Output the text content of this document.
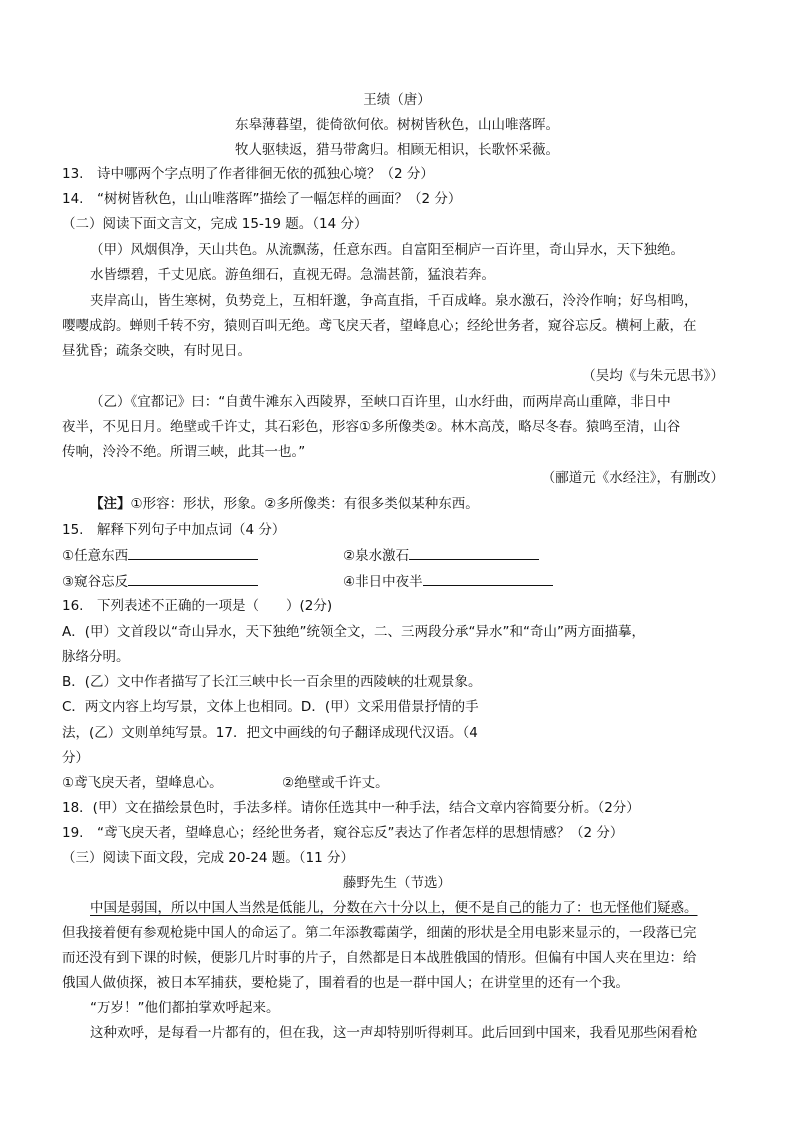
王绩（唐）
东皋薄暮望，徙倚欲何依。树树皆秋色，山山唯落晖。
牧人驱犊返，猎马带禽归。相顾无相识，长歌怀采薇。
13.　诗中哪两个字点明了作者徘徊无依的孤独心境？（2 分）
14.　“树树皆秋色，山山唯落晖”描绘了一幅怎样的画面？（2 分）
（二）阅读下面文言文，完成 15-19 题。（14 分）
（甲）风烟俱净，天山共色。从流飘荡，任意东西。自富阳至桐庐一百许里，奇山异水，天下独绝。
水皆缥碧，千丈见底。游鱼细石，直视无碍。急湍甚箭，猛浪若奔。
夹岸高山，皆生寒树，负势竞上，互相轩邈，争高直指，千百成峰。泉水激石，泠泠作响；好鸟相鸣，
嘤嘤成韵。蝉则千转不穷，猿则百叫无绝。鸢飞戾天者，望峰息心；经纶世务者，窥谷忘反。横柯上蔽，在
昼犹昏；疏条交映，有时见日。
（吴均《与朱元思书》）
（乙）《宜都记》曰：“自黄牛滩东入西陵界，至峡口百许里，山水纡曲，而两岸高山重障，非日中
夜半，不见日月。绝壁或千许丈，其石彩色，形容①多所像类②。林木高茂，略尽冬春。猿鸣至清，山谷
传响，泠泠不绝。所谓三峡，此其一也。”
（郦道元《水经注》，有删改）
【注】①形容：形状，形象。②多所像类：有很多类似某种东西。
15.　解释下列句子中加点词（4 分）
①任意东西	②泉水激石
③窥谷忘反	④非日中夜半
16.　下列表述不正确的一项是（　　）(2分)
A．(甲）文首段以“奇山异水，天下独绝”统领全文，二、三两段分承“异水”和“奇山”两方面描摹，
脉络分明。
B．(乙）文中作者描写了长江三峡中长一百余里的西陵峡的壮观景象。
C．两文内容上均写景，文体上也相同。D．(甲）文采用借景抒情的手
法，(乙）文则单纯写景。17．把文中画线的句子翻译成现代汉语。（4
分）
①鸢飞戾天者，望峰息心。	②绝壁或千许丈。
18．(甲）文在描绘景色时，手法多样。请你任选其中一种手法，结合文章内容简要分析。（2分）
19.　“鸢飞戾天者，望峰息心；经纶世务者，窥谷忘反”表达了作者怎样的思想情感？（2 分）
（三）阅读下面文段，完成 20-24 题。（11 分）
藤野先生（节选）
中国是弱国，所以中国人当然是低能儿，分数在六十分以上，便不是自己的能力了：也无怪他们疑惑。
但我接着便有参观枪毙中国人的命运了。第二年添教霉菌学，细菌的形状是全用电影来显示的，一段落已完
而还没有到下课的时候，便影几片时事的片子，自然都是日本战胜俄国的情形。但偏有中国人夹在里边：给
俄国人做侦探，被日本军捕获，要枪毙了，围着看的也是一群中国人；在讲堂里的还有一个我。
“万岁！”他们都拍掌欢呼起来。
这种欢呼，是每看一片都有的，但在我，这一声却特别听得刺耳。此后回到中国来，我看见那些闲看枪
